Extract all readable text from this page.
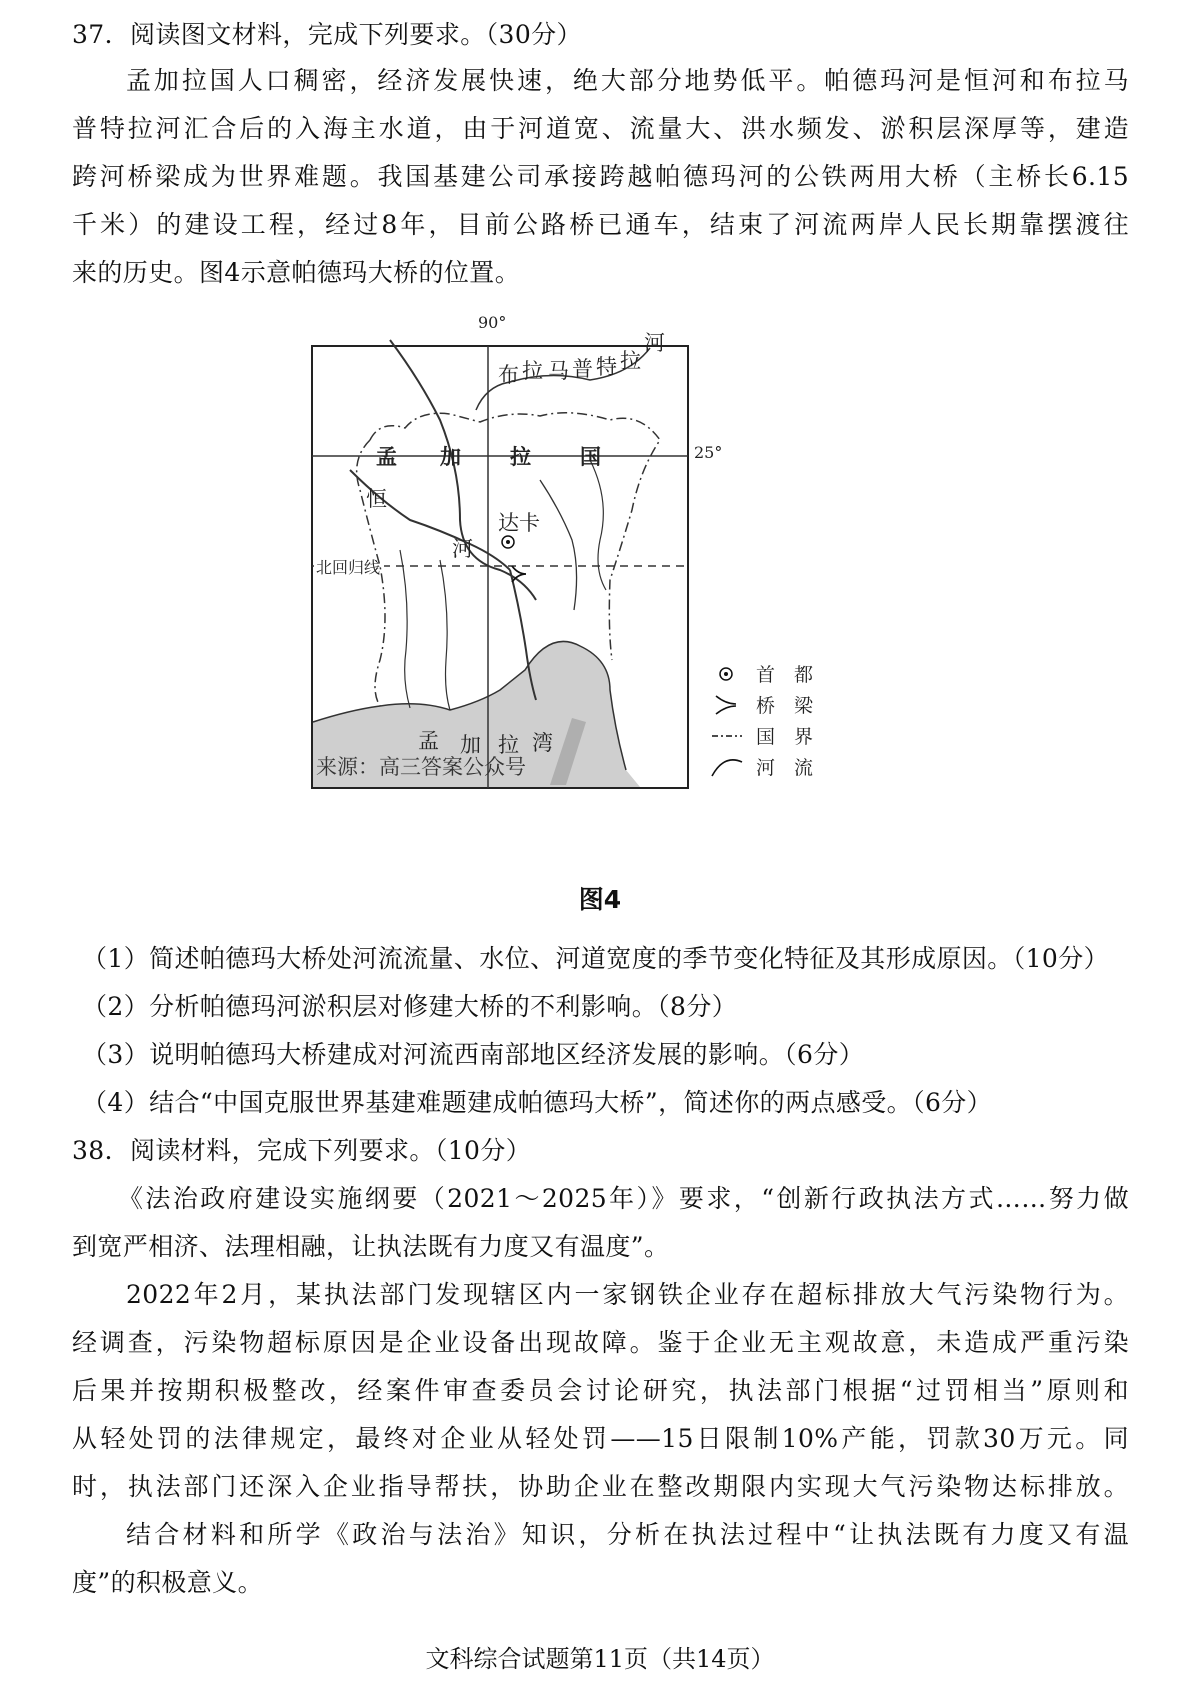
37．阅读图文材料，完成下列要求。（30分）
孟加拉国人口稠密，经济发展快速，绝大部分地势低平。帕德玛河是恒河和布拉马
普特拉河汇合后的入海主水道，由于河道宽、流量大、洪水频发、淤积层深厚等，建造
跨河桥梁成为世界难题。我国基建公司承接跨越帕德玛河的公铁两用大桥（主桥长6.15
千米）的建设工程，经过8年，目前公路桥已通车，结束了河流两岸人民长期靠摆渡往
来的历史。图4示意帕德玛大桥的位置。
90°
25°
北回归线
达卡
布 拉 马 普 特 拉
河
孟 加 拉 国
恒
河
孟 加 拉 湾
来源：高三答案公众号
首　都
桥　梁
国　界
河　流
图4
（1）简述帕德玛大桥处河流流量、水位、河道宽度的季节变化特征及其形成原因。（10分）
（2）分析帕德玛河淤积层对修建大桥的不利影响。（8分）
（3）说明帕德玛大桥建成对河流西南部地区经济发展的影响。（6分）
（4）结合“中国克服世界基建难题建成帕德玛大桥”，简述你的两点感受。（6分）
38．阅读材料，完成下列要求。（10分）
《法治政府建设实施纲要（2021～2025年）》要求，“创新行政执法方式……努力做
到宽严相济、法理相融，让执法既有力度又有温度”。
2022年2月，某执法部门发现辖区内一家钢铁企业存在超标排放大气污染物行为。
经调查，污染物超标原因是企业设备出现故障。鉴于企业无主观故意，未造成严重污染
后果并按期积极整改，经案件审查委员会讨论研究，执法部门根据“过罚相当”原则和
从轻处罚的法律规定，最终对企业从轻处罚——15日限制10%产能，罚款30万元。同
时，执法部门还深入企业指导帮扶，协助企业在整改期限内实现大气污染物达标排放。
结合材料和所学《政治与法治》知识，分析在执法过程中“让执法既有力度又有温
度”的积极意义。
文科综合试题第11页（共14页）
